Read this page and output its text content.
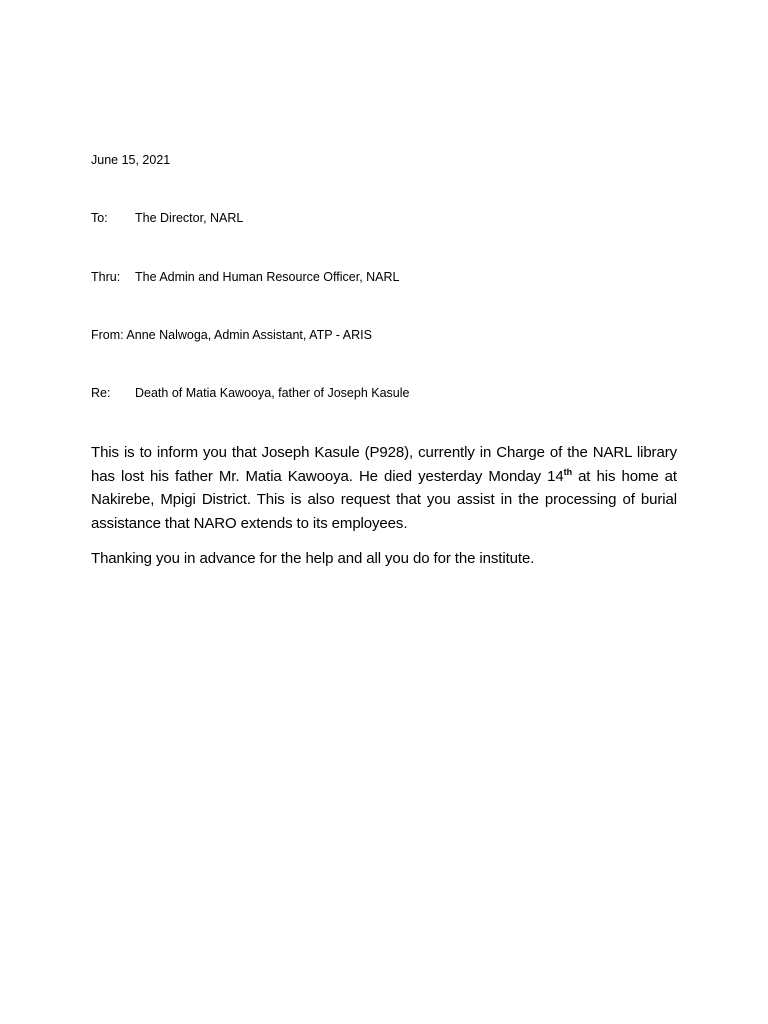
June 15, 2021
To: The Director, NARL
Thru: The Admin and Human Resource Officer, NARL
From: Anne Nalwoga, Admin Assistant, ATP - ARIS
Re: Death of Matia Kawooya, father of Joseph Kasule
This is to inform you that Joseph Kasule (P928), currently in Charge of the NARL library has lost his father Mr. Matia Kawooya. He died yesterday Monday 14th at his home at Nakirebe, Mpigi District. This is also request that you assist in the processing of burial assistance that NARO extends to its employees.
Thanking you in advance for the help and all you do for the institute.
